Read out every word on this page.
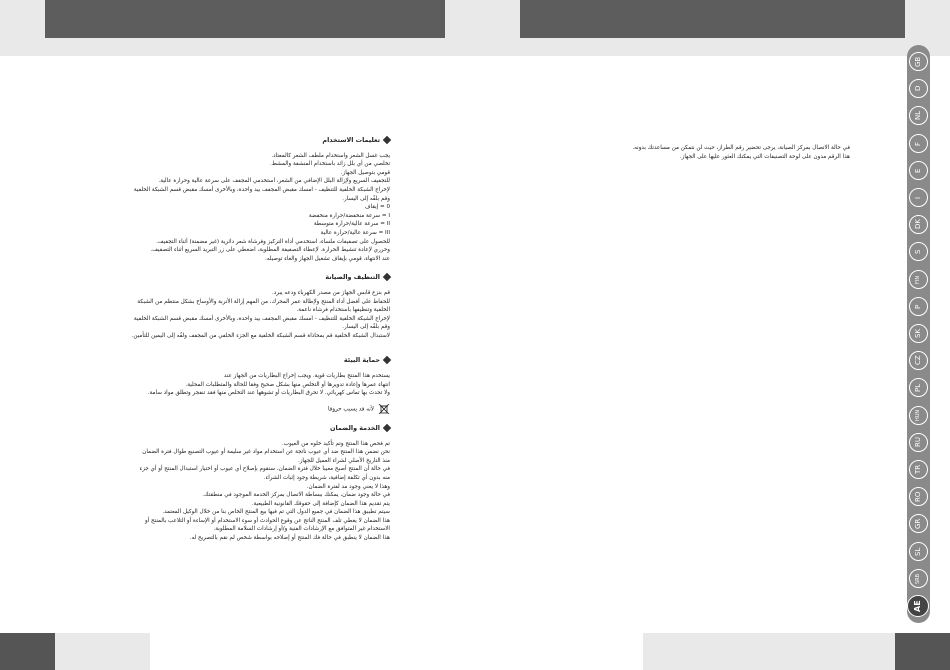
تعليمات الاستخدام
يجب غسل الشعر واستخدام ملطف الشعر كالمعتاد.
تخلصي من أي بلل زائد باستخدام المنشفة والمشط.
قومي بتوصيل الجهاز.
للتجفيف السريع ولإزالة البلل الإضافي من الشعر، استخدمي المجفف على سرعة عالية وحرارة عالية.
لإخراج الشبكة الخلفية للتنظيف - امسك مقبض المجفف بيد واحدة، وبالأخرى أمسك مقبض قسم الشبكة الخلفية
وقم بلفّه إلى اليسار.
0 = إيقاف
I = سرعة منخفضة/حرارة منخفضة
II = سرعة عالية/حرارة متوسطة
III = سرعة عالية/حرارة عالية
للحصول على تصفيفات ملساء، استخدمي أداة التركيز وفرشاة شعر دائرية (غير مضمنة) أثناء التجفيف.
وحرري لإعادة تنشيط الحرارة. لإعطاء التصفيفة المطلوبة، اضغطي على زر التبريد السريع أثناء التصفيف.
عند الانتهاء، قومي بإيقاف تشغيل الجهاز والغاء توصيله.
التنظيف والصيانة
قم بنزع قابس الجهاز من مصدر الكهرباء ودعه يبرد.
للحفاظ على أفضل أداء المنتج ولإطالة عمر المحرك، من المهم إزالة الأتربة والأوساخ بشكل منتظم من الشبكة
الخلفية وتنظيفها باستخدام فرشاة ناعمة.
لإخراج الشبكة الخلفية للتنظيف - امسك مقبض المجفف بيد واحدة، وبالأخرى أمسك مقبض قسم الشبكة الخلفية
وقم بلفّه إلى اليسار.
لاستبدال الشبكة الخلفية قم بمحاذاة قسم الشبكة الخلفية مع الجزء الخلفي من المجفف ولفّه إلى اليمين للتأمين.
حماية البيئة
يستخدم هذا المنتج بطاريات قوية. ويجب إخراج البطاريات من الجهاز عند
انتهاء عمرها وإعادة تدويرها أو التخلص منها بشكل صحيح وفقا للحالة والمتطلبات المحلية.
ولا تحدث بها تماس كهربائي. لا تحرق البطاريات أو تشوهها عند التخلص منها فقد تنفجر وتطلق مواد سامة.
لأنه قد يسبب حروقا
الخدمة والضمان
تم فحص هذا المنتج وتم تأكيد خلوه من العيوب.
نحن نضمن هذا المنتج ضد أي عيوب ناتجة عن استخدام مواد غير سليمة أو عيوب التصنيع طوال فترة الضمان
منذ التاريخ الأصلي لشراء العميل للجهاز.
في حالة أن المنتج أصبح معيبا خلال فترة الضمان، سنقوم بإصلاح أي عيوب أو اختيار استبدال المنتج أو أي جزء
منه بدون أي تكلفة إضافية، شريطة وجود إثبات الشراء.
وهذا لا يعني وجود مد لفترة الضمان.
في حالة وجود ضمان، يمكنك ببساطة الاتصال بمركز الخدمة الموجود في منطقتك.
يتم تقديم هذا الضمان كإضافة إلى حقوقك القانونية الطبيعية.
سيتم تطبيق هذا الضمان في جميع الدول التي تم فيها بيع المنتج الخاص بنا من خلال الوكيل المعتمد.
هذا الضمان لا يغطي تلف المنتج الناتج عن وقوع الحوادث أو سوء الاستخدام أو الإساءة أو التلاعب بالمنتج أو
الاستخدام غير المتوافق مع الإرشادات الفنية و/أو إرشادات السلامة المطلوبة.
هذا الضمان لا ينطبق في حالة فك المنتج أو إصلاحه بواسطة شخص لم نقم بالتصريح له.
في حالة الاتصال بمركز الصيانة، يرجى تحضير رقم الطراز، حيث لن نتمكن من مساعدتك بدونه.
هذا الرقم مدون على لوحة التصنيفات التي يمكنك العثور عليها على الجهاز.
GB
D
NL
F
E
I
DK
S
FIN
P
SK
CZ
PL
HUN
RU
TR
RO
GR
SL
SRB
AE
